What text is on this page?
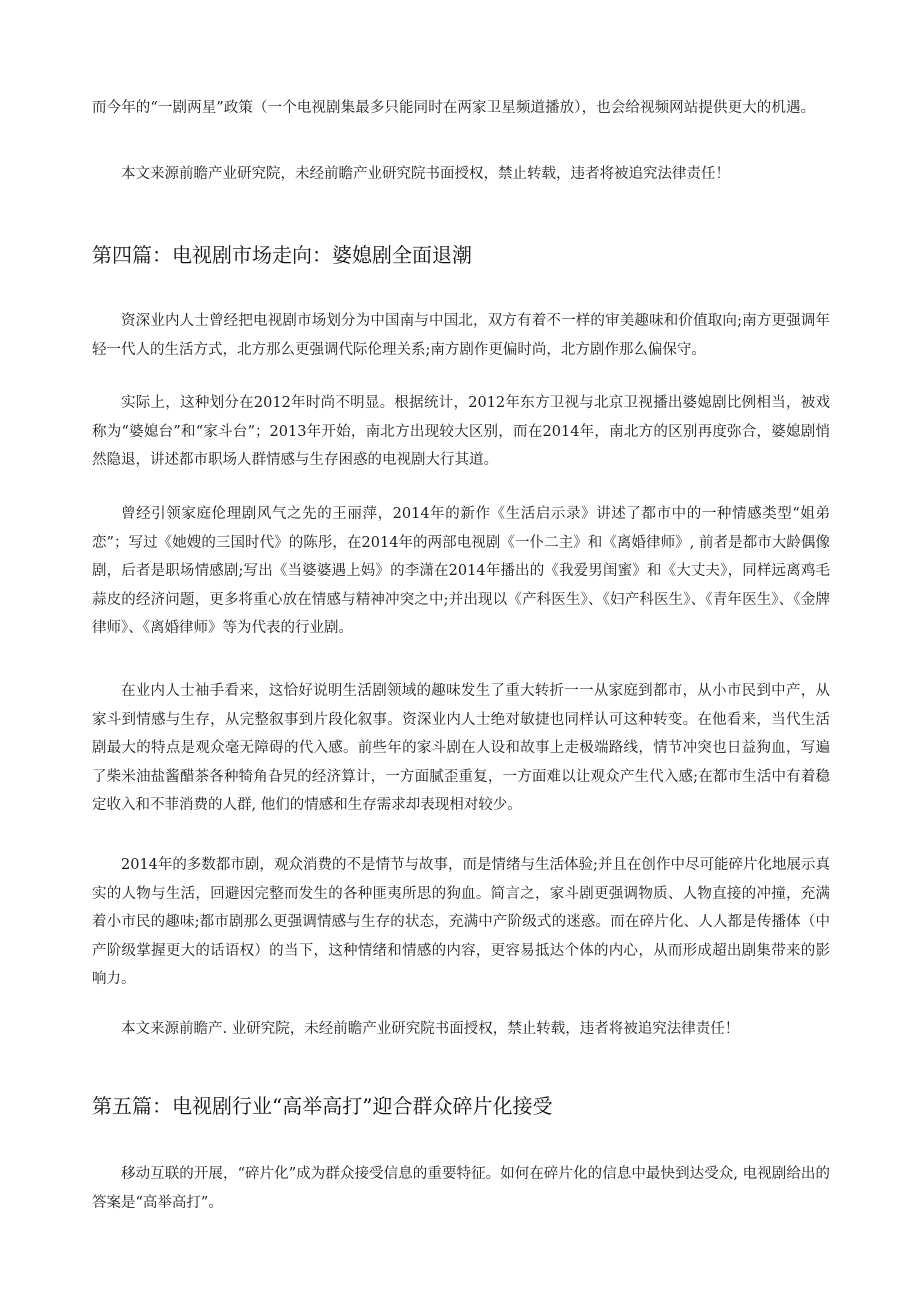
而今年的“一剧两星”政策（一个电视剧集最多只能同时在两家卫星频道播放），也会给视频网站提供更大的机遇。

本文来源前瞻产业研究院，未经前瞻产业研究院书面授权，禁止转载，违者将被追究法律责任！

第四篇：电视剧市场走向：婆媳剧全面退潮

资深业内人士曾经把电视剧市场划分为中国南与中国北，双方有着不一样的审美趣味和价值取向;南方更强调年轻一代人的生活方式，北方那么更强调代际伦理关系;南方剧作更偏时尚，北方剧作那么偏保守。

实际上，这种划分在2012年时尚不明显。根据统计，2012年东方卫视与北京卫视播出婆媳剧比例相当，被戏称为“婆媳台”和“家斗台”；2013年开始，南北方出现较大区别，而在2014年，南北方的区别再度弥合，婆媳剧悄然隐退，讲述都市职场人群情感与生存困惑的电视剧大行其道。

曾经引领家庭伦理剧风气之先的王丽萍，2014年的新作《生活启示录》讲述了都市中的一种情感类型“姐弟恋”；写过《她嫂的三国时代》的陈彤，在2014年的两部电视剧《一仆二主》和《离婚律师》, 前者是都市大龄偶像剧，后者是职场情感剧;写出《当婆婆遇上妈》的李潇在2014年播出的《我爱男闺蜜》和《大丈夫》，同样远离鸡毛蒜皮的经济问题，更多将重心放在情感与精神冲突之中;并出现以《产科医生》、《妇产科医生》、《青年医生》、《金牌律师》、《离婚律师》等为代表的行业剧。

在业内人士袖手看来，这恰好说明生活剧领域的趣味发生了重大转折一一从家庭到都市，从小市民到中产，从家斗到情感与生存，从完整叙事到片段化叙事。资深业内人士绝对敏捷也同样认可这种转变。在他看来，当代生活剧最大的特点是观众毫无障碍的代入感。前些年的家斗剧在人设和故事上走极端路线，情节冲突也日益狗血，写遍了柴米油盐酱醋茶各种犄角旮旯的经济算计，一方面腻歪重复，一方面难以让观众产生代入感;在都市生活中有着稳定收入和不菲消费的人群, 他们的情感和生存需求却表现相对较少。

2014年的多数都市剧，观众消费的不是情节与故事，而是情绪与生活体验;并且在创作中尽可能碎片化地展示真实的人物与生活，回避因完整而发生的各种匪夷所思的狗血。简言之，家斗剧更强调物质、人物直接的冲撞，充满着小市民的趣味;都市剧那么更强调情感与生存的状态，充满中产阶级式的迷惑。而在碎片化、人人都是传播体（中产阶级掌握更大的话语权）的当下，这种情绪和情感的内容，更容易抵达个体的内心，从而形成超出剧集带来的影响力。

本文来源前瞻产. 业研究院，未经前瞻产业研究院书面授权，禁止转载，违者将被追究法律责任！

第五篇：电视剧行业“高举高打”迎合群众碎片化接受

移动互联的开展，“碎片化”成为群众接受信息的重要特征。如何在碎片化的信息中最快到达受众, 电视剧给出的答案是“高举高打”。
